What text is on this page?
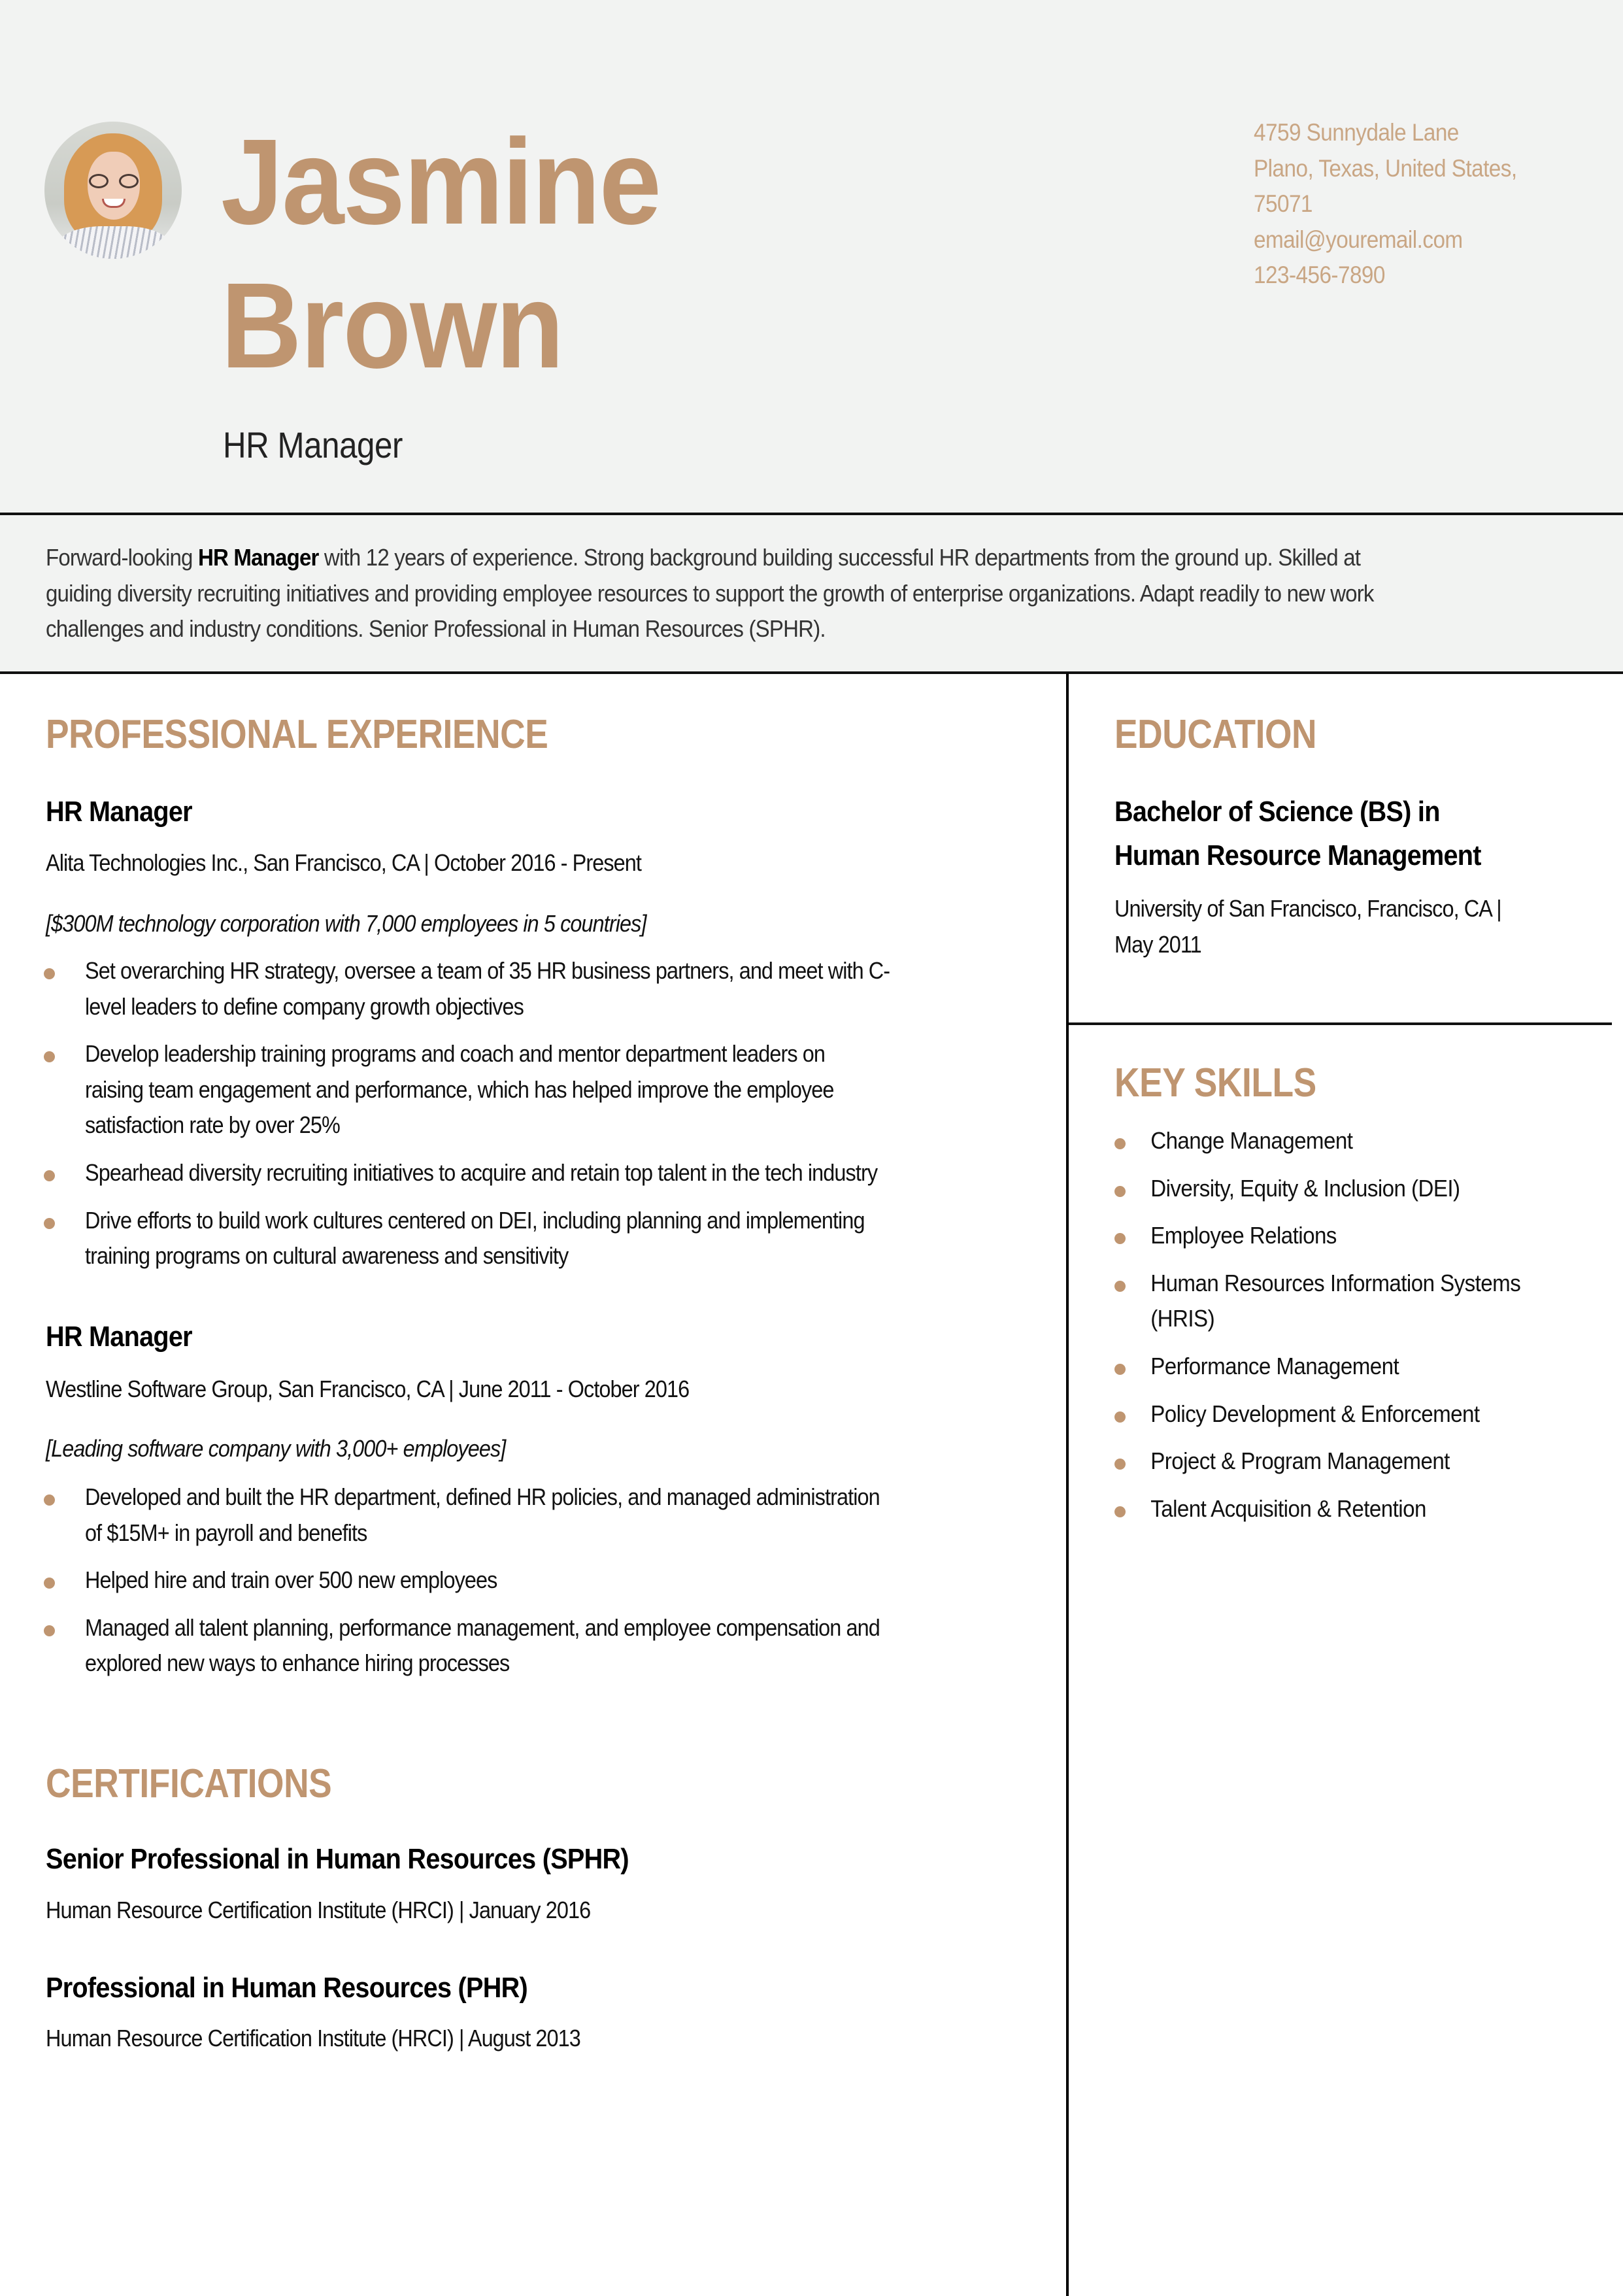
Jasmine
Brown
HR Manager
4759 Sunnydale Lane
Plano, Texas, United States,
75071
email@youremail.com
123-456-7890
Forward-looking HR Manager with 12 years of experience. Strong background building successful HR departments from the ground up. Skilled at
guiding diversity recruiting initiatives and providing employee resources to support the growth of enterprise organizations. Adapt readily to new work
challenges and industry conditions. Senior Professional in Human Resources (SPHR).
PROFESSIONAL EXPERIENCE
HR Manager
Alita Technologies Inc., San Francisco, CA | October 2016 - Present
[$300M technology corporation with 7,000 employees in 5 countries]
Set overarching HR strategy, oversee a team of 35 HR business partners, and meet with C-
level leaders to define company growth objectives
Develop leadership training programs and coach and mentor department leaders on
raising team engagement and performance, which has helped improve the employee
satisfaction rate by over 25%
Spearhead diversity recruiting initiatives to acquire and retain top talent in the tech industry
Drive efforts to build work cultures centered on DEI, including planning and implementing
training programs on cultural awareness and sensitivity
HR Manager
Westline Software Group, San Francisco, CA | June 2011 - October 2016
[Leading software company with 3,000+ employees]
Developed and built the HR department, defined HR policies, and managed administration
of $15M+ in payroll and benefits
Helped hire and train over 500 new employees
Managed all talent planning, performance management, and employee compensation and
explored new ways to enhance hiring processes
CERTIFICATIONS
Senior Professional in Human Resources (SPHR)
Human Resource Certification Institute (HRCI) | January 2016
Professional in Human Resources (PHR)
Human Resource Certification Institute (HRCI) | August 2013
EDUCATION
Bachelor of Science (BS) in
Human Resource Management
University of San Francisco, Francisco, CA |
May 2011
KEY SKILLS
Change Management
Diversity, Equity & Inclusion (DEI)
Employee Relations
Human Resources Information Systems
(HRIS)
Performance Management
Policy Development & Enforcement
Project & Program Management
Talent Acquisition & Retention
